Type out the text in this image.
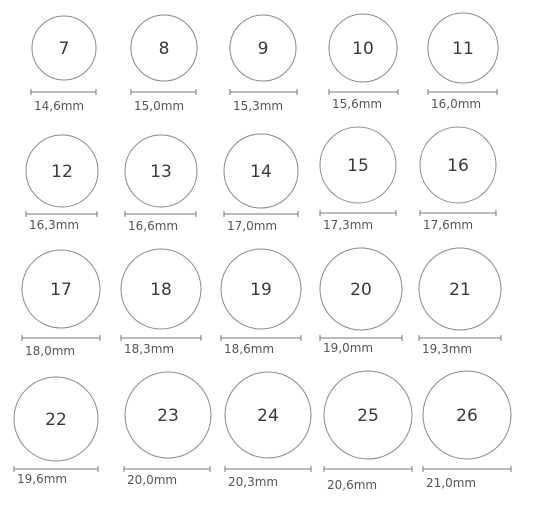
7
14,6mm
8
15,0mm
9
15,3mm
10
15,6mm
11
16,0mm
12
16,3mm
13
16,6mm
14
17,0mm
15
17,3mm
16
17,6mm
17
18,0mm
18
18,3mm
19
18,6mm
20
19,0mm
21
19,3mm
22
19,6mm
23
20,0mm
24
20,3mm
25
20,6mm
26
21,0mm
